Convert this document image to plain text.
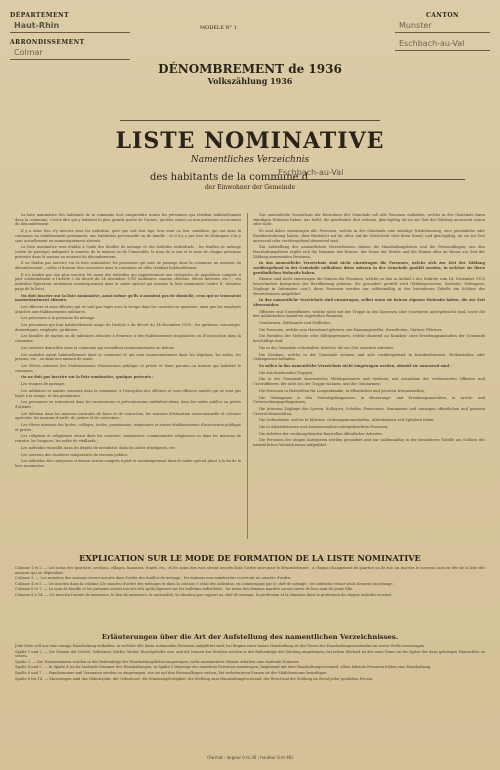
DÉPARTEMENT
Haut-Rhin
ARRONDISSEMENT
Colmar
MODÈLE N° 1
CANTON
Munster
Eschbach-au-Val
DÉNOMBREMENT de 1936
Volkszählung 1936
LISTE NOMINATIVE
Namentliches Verzeichnis
des habitants de la commune d
Eschbach-au-Val
der Einwohner der Gemeinde

La liste nominative des habitants de la commune doit comprendre toutes les personnes qui résident habituellement dans la commune, c'est-à-dire qui y habitent la plus grande partie de l'année, qu'elles soient ou non présentes au moment du dénombrement.

Il y a donc lieu d'y inscrire tous les individus, quel que soit leur âge, leur sexe ou leur condition, qui ont dans la commune un établissement permanent, une habitation personnelle ou de famille ; et il n'y a pas lieu de distinguer s'ils y sont actuellement ou momentanément absents.

La liste nominative sera établie à l'aide des feuilles de ménage et des bulletins individuels ; les feuilles de ménage (ordre de passage) indiquent le numéro de la maison ou de l'immeuble, le nom de la rue et le nom de chaque personne présente dans la maison au moment du dénombrement.

Il ne faudra pas inscrire sur la liste nominative les personnes qui sont de passage dans la commune au moment du dénombrement ; celles-ci doivent être recensées dans la commune où elles résident habituellement.

Il n'y faudra pas non plus inscrire les noms des individus qui appartiennent aux catégories de population comptée à part conformément à l'article 2 du décret du 14 décembre 1935 (militaires, marins, détenus, élèves internes, etc.) ; ces individus figureront seulement numériquement dans le cadre spécial qui termine la liste nominative (cadre II, dernière page de la liste).

On doit inscrire sur la liste nominative, aussi même qu'ils n'auraient pas de domicile, ceux qui se trouvaient momentanément absents.

Les officiers et sous-officiers qui ne sont pas logés avec la troupe dans les casernes ou quartiers, ainsi que les employés attachés aux établissements militaires.

Les personnes à la personne du ménage.

Les personnes qui font habituellement usage de l'article 2 du décret du 14 décembre 1935 : les gardiens, concierges, domestiques, employés, jardiniers.

Les familles de marins ou de militaires attachés à demeure à des établissements hospitaliers ou d'instruction dans la commune.

Les ouvriers domiciliés dans la commune qui travaillent momentanément au dehors.

Les malades ayant habituellement dans la commune et qui sont momentanément dans les hôpitaux, les asiles, les prisons, etc., ou dans une maison de santé.

Les élèves externes des établissements d'instruction publique et privée et leurs parents ou tuteurs qui habitent la commune.

On ne doit pas inscrire sur la liste nominative, quoique présents :

Les troupes de passage ;

Les militaires et marins casernés dans la commune, à l'exception des officiers et sous-officiers mariés qui ne sont pas logés à la troupe, et des gendarmes ;

Les personnes en traitement dans les sanatoriums et préventoriums antituberculeux, dans les asiles publics ou privés d'aliénés ;

Les détenus dans les maisons centrales de force et de correction, les maisons d'éducation correctionnelle et colonies agricoles, les maisons d'arrêt, de justice et de correction ;

Les élèves internes des lycées, collèges, écoles, pensionnats, séminaires et autres établissements d'instruction publique et privée ;

Les religieux et religieuses vivant dans les couvents, monastères, communautés religieuses ou dans les maisons de retraite, les hospices, les asiles de vieillards ;

Les individus recueillis dans les dépôts de mendicité, dans les asiles d'indigents, etc.

Les ouvriers des chantiers temporaires de travaux publics.

Les individus des catégories ci-dessus seront comptés à part et numériquement dans le cadre spécial placé à la fin de la liste nominative.

Das namentliche Verzeichnis der Einwohner der Gemeinde soll alle Personen enthalten, welche in der Gemeinde ihren ständigen Wohnsitz haben, das heißt, die gewöhnlich dort wohnen, gleichgültig ob sie zur Zeit der Zählung anwesend waren oder nicht.

Es sind daher einzutragen alle Personen, welche in der Gemeinde eine ständige Niederlassung, eine persönliche oder Familienwohnung haben, ohne Rücksicht auf ihr Alter, auf ihr Geschlecht oder ihren Stand; und gleichgültig, ob sie zur Zeit anwesend oder vorübergehend abwesend sind.

Zur Aufstellung des namentlichen Verzeichnisses dienen die Haushaltungslisten und die Personalbogen; aus den Haushaltungslisten ergibt sich die Nummer des Hauses, der Name der Straße und die Namen aller im Hause zur Zeit der Zählung anwesenden Personen.

In das namentliche Verzeichnis sind nicht einzutragen die Personen, welche sich zur Zeit der Zählung vorübergehend in der Gemeinde aufhalten; diese müssen in der Gemeinde gezählt werden, in welcher sie ihren gewöhnlichen Wohnsitz haben.

Ebenso sind nicht einzutragen die Namen der Personen, welche zu den in Artikel 2 des Dekrets vom 14. Dezember 1935 bezeichneten Kategorien der Bevölkerung gehören, die gesondert gezählt wird (Militärpersonen, Seeleute, Gefangene, Zöglinge in Internaten usw.); diese Personen werden nur zahlenmäßig in der besonderen Tabelle am Schluss des Verzeichnisses aufgeführt.

In das namentliche Verzeichnis sind einzutragen, selbst wenn sie keinen eigenen Wohnsitz haben, die zur Zeit Abwesenden:

Offiziere und Unteroffiziere, welche nicht mit der Truppe in den Kasernen oder Quartieren untergebracht sind, sowie die den militärischen Anstalten zugeteilten Beamten;

Gendarmen, Zollbeamte und Feldhüter;

Die Personen, welche zum Hausstand gehören, wie Hausangestellte, Dienstboten, Gärtner, Pförtner;

Die Familien der Seeleute oder Militärpersonen, welche dauernd an Kranken- oder Erziehungsanstalten der Gemeinde beschäftigt sind;

Die in der Gemeinde wohnhaften Arbeiter, die zur Zeit auswärts arbeiten;

Die Kranken, welche in der Gemeinde wohnen und sich vorübergehend in Krankenhäusern, Heilanstalten oder Gefängnissen befinden.

Es sollen in das namentliche Verzeichnis nicht eingetragen werden, obwohl sie anwesend sind :

Die durchziehenden Truppen;

Die in der Gemeinde kasernierten Militärpersonen und Seeleute, mit Ausnahme der verheirateten Offiziere und Unteroffiziere, die nicht bei der Truppe wohnen, und der Gendarmen;

Die Personen in Heilstätten für Lungenkranke, in öffentlichen und privaten Irrenanstalten;

Die Gefangenen in den Zentralgefängnissen, in Besserungs- und Erziehungsanstalten, in Arrest- und Untersuchungsgefängnissen;

Die internen Zöglinge der Lyzeen, Kollegien, Schulen, Pensionate, Seminarien und sonstigen öffentlichen und privaten Unterrichtsanstalten;

Die Ordensleute, welche in Klöstern, Ordensgemeinschaften, Altersheimen und Spitälern leben;

Die in Arbeitshäusern und Armenanstalten untergebrachten Personen;

Die Arbeiter der vorübergehenden Baustellen öffentlicher Arbeiten.

Die Personen der obigen Kategorien werden gesondert und nur zahlenmäßig in der besonderen Tabelle am Schluss des namentlichen Verzeichnisses aufgeführt.

EXPLICATION SUR LE MODE DE FORMATION DE LA LISTE NOMINATIVE

Colonne 1 et 2. — Les noms des quartiers, sections, villages, hameaux, écarts, etc., et les noms des rues seront inscrits dans l'ordre suivi pour le dénombrement ; à chaque changement de quartier ou de rue, on inscrira le nouveau nom en tête de la liste des maisons qui en dépendent.

Colonne 3. — Les numéros des maisons seront inscrits dans l'ordre des feuilles de ménage ; les maisons non numérotées recevront un numéro d'ordre.

Colonne 4 et 5. — On inscrira dans la colonne 4 le numéro d'ordre des ménages et dans la colonne 5 celui des individus, en commençant par le chef de ménage ; les individus vivant seuls forment un ménage.

Colonne 6 et 7. — Le nom de famille et les prénoms seront inscrits tels qu'ils figurent sur les bulletins individuels ; les noms des femmes mariées seront suivis de leur nom de jeune fille.

Colonne 8 à 14. — On inscrira l'année de naissance, le lieu de naissance, la nationalité, la situation par rapport au chef de ménage, la profession et la situation dans la profession de chaque individu recensé.

Erläuterungen über die Art der Aufstellung des namentlichen Verzeichnisses.

Jede Seite soll nur eine einzige Haushaltung enthalten, in welcher alle darin wohnenden Personen aufgeführt sind; bei Beginn einer neuen Haushaltung ist der Name des Haushaltungsvorstandes an erster Stelle einzutragen.

Spalte 1 und 2. — Die Namen der Viertel, Sektionen, Dörfer, Weiler, Einzelgehöfte usw. und die Namen der Straßen werden in der Reihenfolge der Zählung eingetragen; bei jedem Wechsel ist der neue Name an die Spitze der dazu gehörigen Häuserliste zu setzen.

Spalte 3. — Die Hausnummern werden in der Reihenfolge der Haushaltungslisten eingetragen; nicht nummerierte Häuser erhalten eine laufende Nummer.

Spalte 4 und 5. — In Spalte 4 ist die laufende Nummer der Haushaltungen, in Spalte 5 diejenige der einzelnen Personen einzutragen, beginnend mit dem Haushaltungsvorstand; allein lebende Personen bilden eine Haushaltung.

Spalte 6 und 7. — Familienname und Vornamen werden so eingetragen, wie sie auf den Personalbogen stehen; bei verheirateten Frauen ist der Mädchenname beizufügen.

Spalte 8 bis 14. — Einzutragen sind das Geburtsjahr, der Geburtsort, die Staatsangehörigkeit, die Stellung zum Haushaltungsvorstand, der Beruf und die Stellung im Beruf jeder gezählten Person.

(Format : largeur 0 m 30 ; hauteur 0 m 40)
